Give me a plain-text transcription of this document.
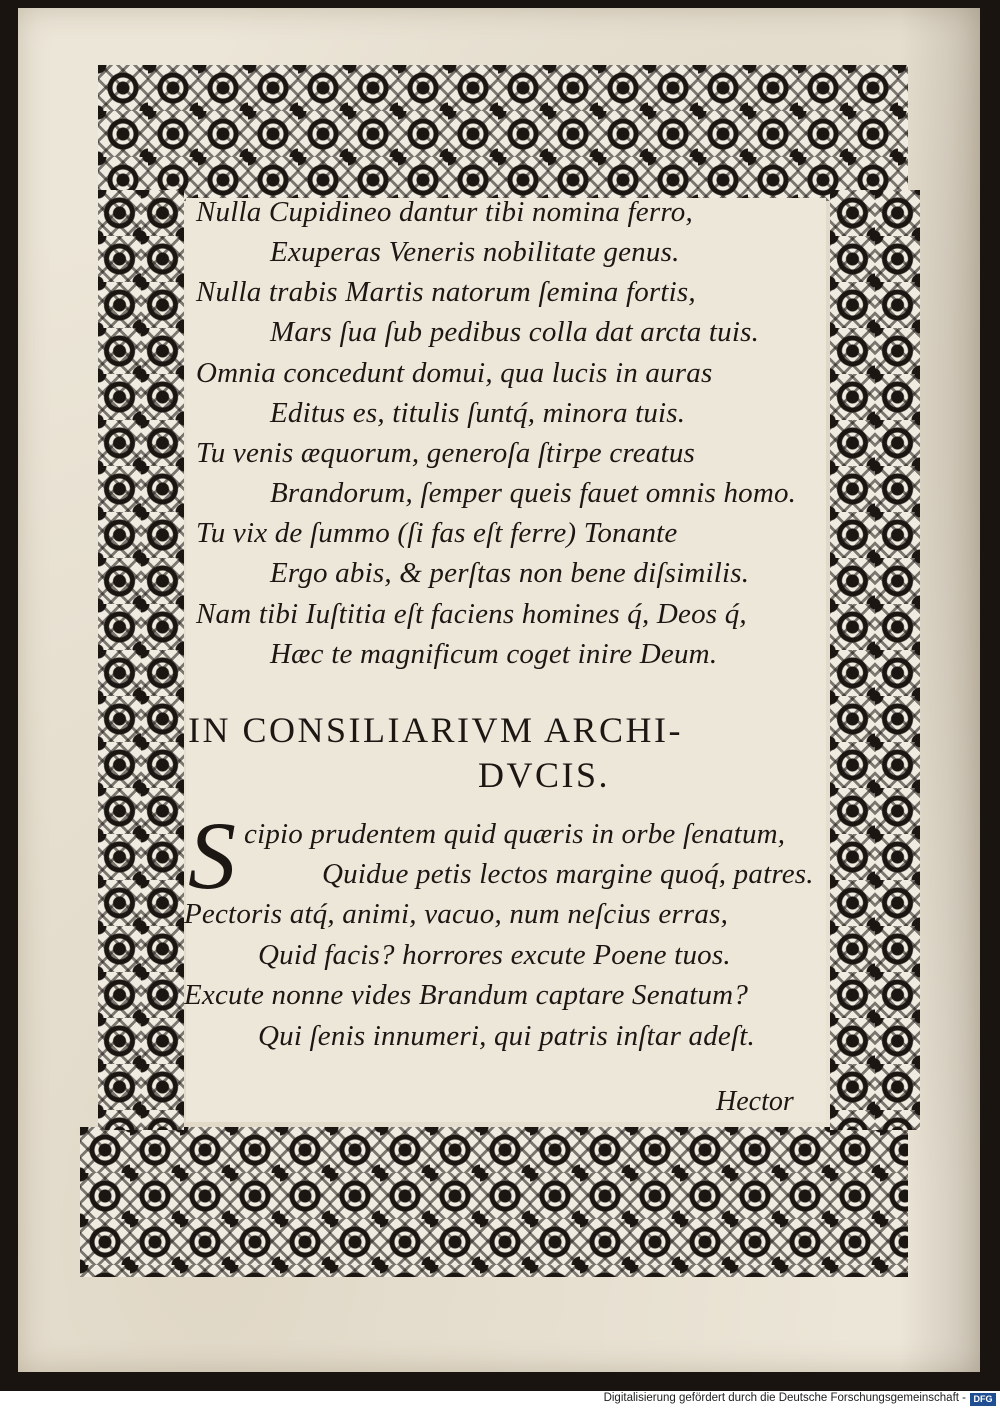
Nulla Cupidineo dantur tibi nomina ferro,
Exuperas Veneris nobilitate genus.
Nulla trabis Martis natorum ſemina fortis,
Mars ſua ſub pedibus colla dat arcta tuis.
Omnia concedunt domui, qua lucis in auras
Editus es, titulis ſuntq́, minora tuis.
Tu venis æquorum, generoſa ſtirpe creatus
Brandorum, ſemper queis fauet omnis homo.
Tu vix de ſummo (ſi fas eſt ferre) Tonante
Ergo abis, & perſtas non bene diſsimilis.
Nam tibi Iuſtitia eſt faciens homines q́, Deos q́,
Hæc te magnificum coget inire Deum.
IN CONSILIARIVM ARCHI-
DVCIS.
S cipio prudentem quid quæris in orbe ſenatum,
Quidue petis lectos margine quoq́, patres.
Pectoris atq́, animi, vacuo, num neſcius erras,
Quid facis? horrores excute Poene tuos.
Excute nonne vides Brandum captare Senatum?
Qui ſenis innumeri, qui patris inſtar adeſt.
Hector
Digitalisierung gefördert durch die Deutsche Forschungsgemeinschaft - DFG
